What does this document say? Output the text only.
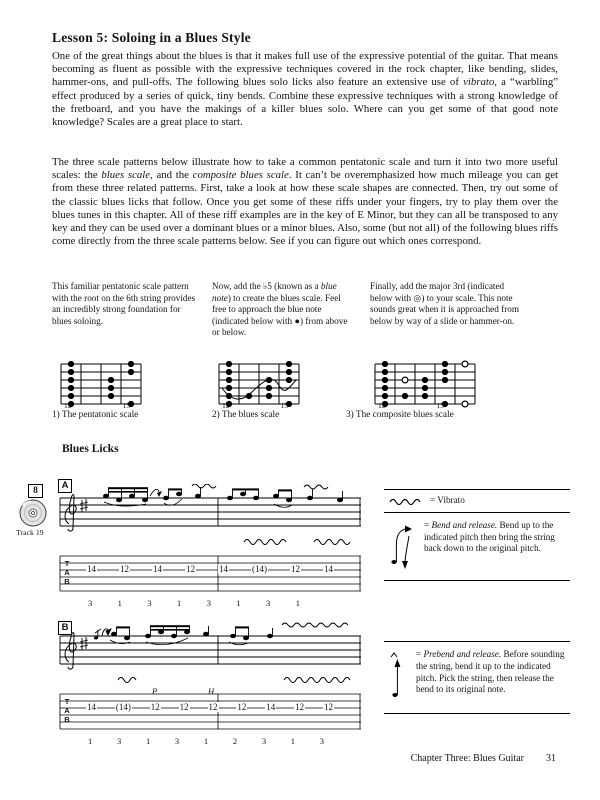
Lesson 5: Soloing in a Blues Style
One of the great things about the blues is that it makes full use of the expressive potential of the guitar. That means becoming as fluent as possible with the expressive techniques covered in the rock chapter, like bending, slides, hammer-ons, and pull-offs. The following blues solo licks also feature an extensive use of vibrato, a “warbling” effect produced by a series of quick, tiny bends. Combine these expressive techniques with a strong knowledge of the fretboard, and you have the makings of a killer blues solo. Where can you get some of that good note knowledge? Scales are a great place to start.
The three scale patterns below illustrate how to take a common pentatonic scale and turn it into two more useful scales: the blues scale, and the composite blues scale. It can’t be overemphasized how much mileage you can get from these three related patterns. First, take a look at how these scale shapes are connected. Then, try out some of the classic blues licks that follow. Once you get some of these riffs under your fingers, try to play them over the blues tunes in this chapter. All of these riff examples are in the key of E Minor, but they can all be transposed to any key and they can be used over a dominant blues or a minor blues. Also, some (but not all) of the following blues riffs come directly from the three scale patterns below. See if you can figure out which ones correspond.
This familiar pentatonic scale pattern with the root on the 6th string provides an incredibly strong foundation for blues soloing.
Now, add the ♭5 (known as a blue note) to create the blues scale. Feel free to approach the blue note (indicated below with ●) from above or below.
Finally, add the major 3rd (indicated below with ◎) to your scale. This note sounds great when it is approached from below by way of a slide or hammer-on.
12	15	12	15	12	15
1) The pentatonic scale	2) The blues scale	3) The composite blues scale
Blues Licks
8
Track 19
A
T
A
B
14	12	14	12	14	(14)	12	14
3	1	3	1	3	1	3	1
= Vibrato
= Bend and release. Bend up to the indicated pitch then bring the string back down to the original pitch.
B
P	H
T
A
B
14 (14) 12 12 12 12 14 12 12
1	3	1	3	1	2	3	1	3
= Prebend and release. Before sounding the string, bend it up to the indicated pitch. Pick the string, then release the bend to its original note.
Chapter Three: Blues Guitar 31
